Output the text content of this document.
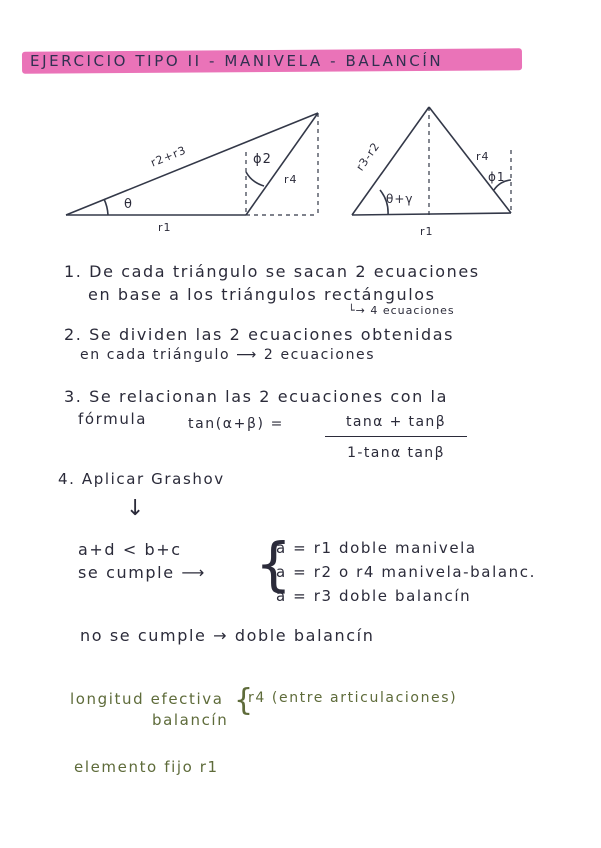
EJERCICIO TIPO II - MANIVELA - BALANCÍN
r2+r3
θ
r1
ϕ2
r4
r3-r2
θ+γ
r4
ϕ1
r1
1. De cada triángulo se sacan 2 ecuaciones
en base a los triángulos rectángulos
└→ 4 ecuaciones
2. Se dividen las 2 ecuaciones obtenidas
en cada triángulo ⟶ 2 ecuaciones
3. Se relacionan las 2 ecuaciones con la
fórmula	tan(α+β) =	tanα + tanβ
1-tanα tanβ
4. Aplicar Grashov
↓
a+d < b+c
se cumple ⟶ {
a = r1 doble manivela
a = r2 o r4 manivela-balanc.
a = r3 doble balancín
no se cumple → doble balancín
longitud efectiva
balancín
{
r4 (entre articulaciones)
elemento fijo r1
